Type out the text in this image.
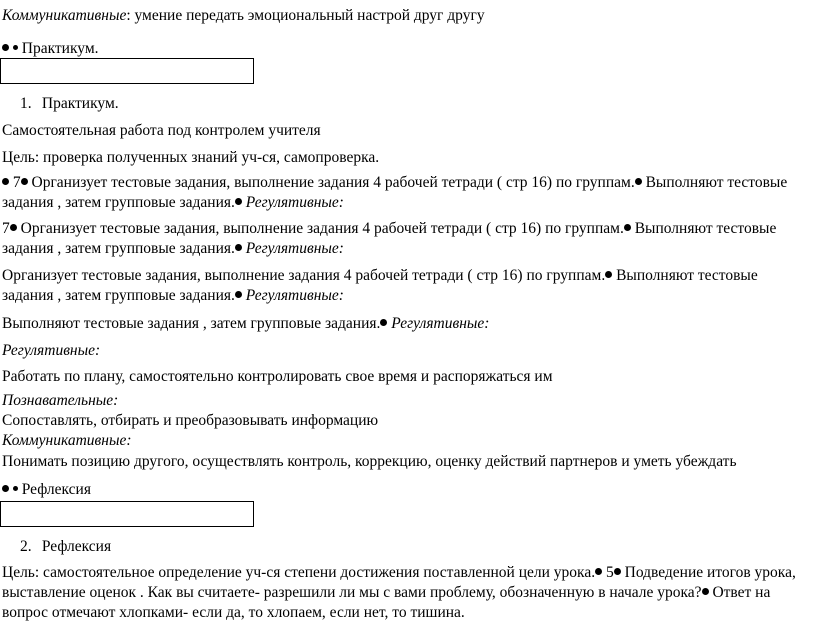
Коммуникативные: умение передать эмоциональный настрой друг другу
Практикум.
1. Практикум.
Самостоятельная работа под контролем учителя
Цель: проверка полученных знаний уч-ся, самопроверка.
7 Организует тестовые задания, выполнение задания 4 рабочей тетради ( стр 16) по группам. Выполняют тестовые задания , затем групповые задания. Регулятивные:
7 Организует тестовые задания, выполнение задания 4 рабочей тетради ( стр 16) по группам. Выполняют тестовые задания , затем групповые задания. Регулятивные:
Организует тестовые задания, выполнение задания 4 рабочей тетради ( стр 16) по группам. Выполняют тестовые задания , затем групповые задания. Регулятивные:
Выполняют тестовые задания , затем групповые задания. Регулятивные:
Регулятивные:
Работать по плану, самостоятельно контролировать свое время и распоряжаться им
Познавательные:
Сопоставлять, отбирать и преобразовывать информацию
Коммуникативные:
Понимать позицию другого, осуществлять контроль, коррекцию, оценку действий партнеров и уметь убеждать
Рефлексия
2. Рефлексия
Цель: самостоятельное определение уч-ся степени достижения поставленной цели урока. 5 Подведение итогов урока, выставление оценок . Как вы считаете- разрешили ли мы с вами проблему, обозначенную в начале урока? Ответ на вопрос отмечают хлопками- если да, то хлопаем, если нет, то тишина.
